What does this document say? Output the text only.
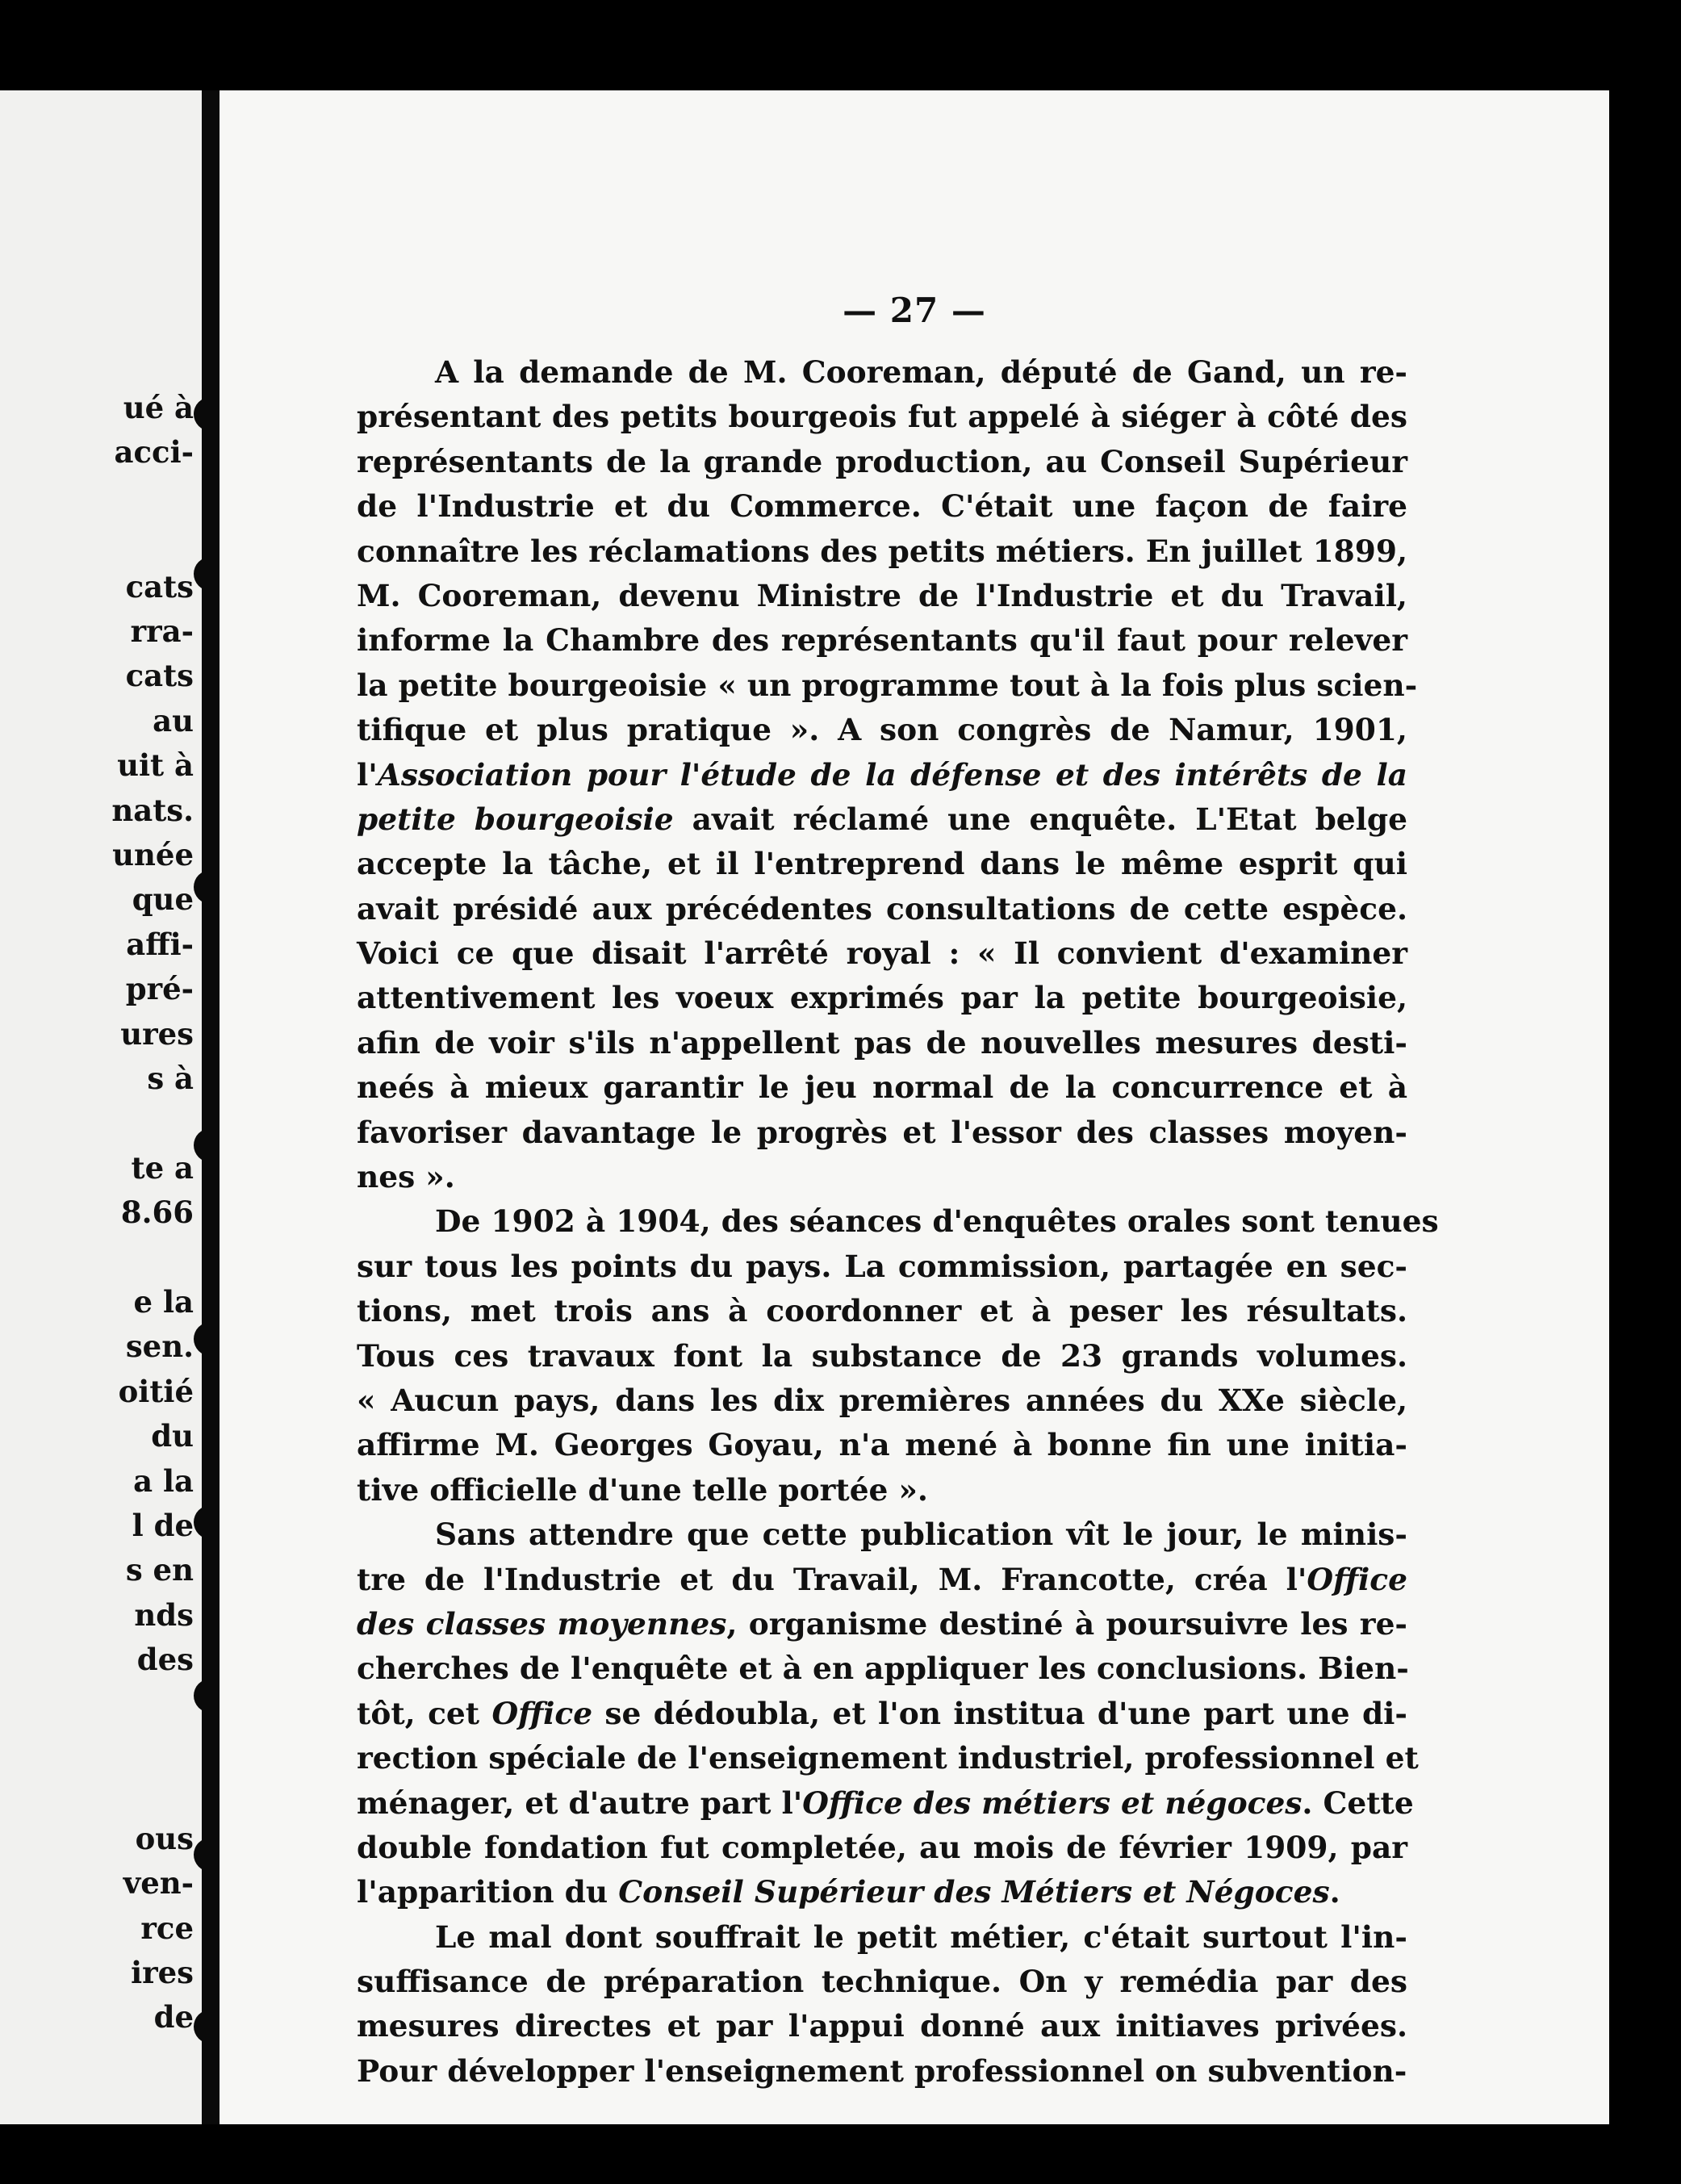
ué à
acci-
cats
rra-
cats
au
uit à
nats.
unée
que
affi-
pré-
ures
s à
te a
8.66
e la
sen.
oitié
du
a la
l de
s en
nds
des
ous
ven-
rce
ires
de
— 27 —
A la demande de M. Cooreman, député de Gand, un re-
présentant des petits bourgeois fut appelé à siéger à côté des
représentants de la grande production, au Conseil Supérieur
de l'Industrie et du Commerce. C'était une façon de faire
connaître les réclamations des petits métiers. En juillet 1899,
M. Cooreman, devenu Ministre de l'Industrie et du Travail,
informe la Chambre des représentants qu'il faut pour relever
la petite bourgeoisie « un programme tout à la fois plus scien-
tifique et plus pratique ». A son congrès de Namur, 1901,
l'Association pour l'étude de la défense et des intérêts de la
petite bourgeoisie avait réclamé une enquête. L'Etat belge
accepte la tâche, et il l'entreprend dans le même esprit qui
avait présidé aux précédentes consultations de cette espèce.
Voici ce que disait l'arrêté royal : « Il convient d'examiner
attentivement les voeux exprimés par la petite bourgeoisie,
afin de voir s'ils n'appellent pas de nouvelles mesures desti-
neés à mieux garantir le jeu normal de la concurrence et à
favoriser davantage le progrès et l'essor des classes moyen-
nes ».
De 1902 à 1904, des séances d'enquêtes orales sont tenues
sur tous les points du pays. La commission, partagée en sec-
tions, met trois ans à coordonner et à peser les résultats.
Tous ces travaux font la substance de 23 grands volumes.
« Aucun pays, dans les dix premières années du XXe siècle,
affirme M. Georges Goyau, n'a mené à bonne fin une initia-
tive officielle d'une telle portée ».
Sans attendre que cette publication vît le jour, le minis-
tre de l'Industrie et du Travail, M. Francotte, créa l'Office
des classes moyennes, organisme destiné à poursuivre les re-
cherches de l'enquête et à en appliquer les conclusions. Bien-
tôt, cet Office se dédoubla, et l'on institua d'une part une di-
rection spéciale de l'enseignement industriel, professionnel et
ménager, et d'autre part l'Office des métiers et négoces. Cette
double fondation fut completée, au mois de février 1909, par
l'apparition du Conseil Supérieur des Métiers et Négoces.
Le mal dont souffrait le petit métier, c'était surtout l'in-
suffisance de préparation technique. On y remédia par des
mesures directes et par l'appui donné aux initiaves privées.
Pour développer l'enseignement professionnel on subvention-
